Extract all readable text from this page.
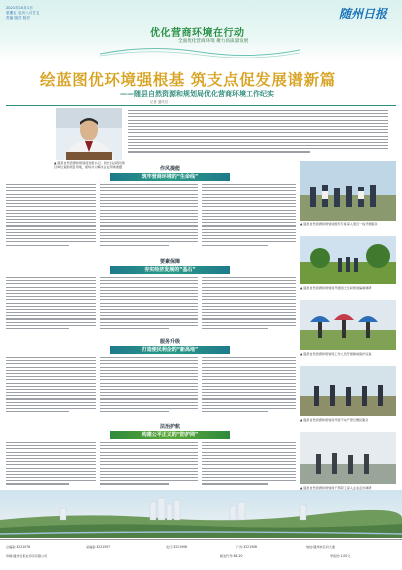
2021年10月1日
星期五 农历八月廿五
责编 版式 校对
优化营商环境在行动
全面优化营商环境 聚力高质量发展
随州日报
绘蓝图优环境强根基 筑支点促发展谱新篇
——随县自然资源和规划局优化营商环境工作纪实
记者 通讯员
▲ 随县自然资源和规划局党组书记、局长(右)陪同项目单位查勘项目用地，现场办公解决企业用地难题
▲ 随县自然资源和规划局组织专班深入项目一线开展服务
▲ 随县自然资源和规划局开展国土空间规划编制调研
▲ 随县自然资源和规划局工作人员开展耕地保护巡查
▲ 随县自然资源和规划局开展不动产登记便民服务
▲ 随县自然资源和规划局干部职工深入企业走访调研
作风提能
筑牢营商环境的“生命线”
要素保障
夯实经济发展的“基石”
服务升级
打造便民利企的“新高地”
法治护航
构建公平正义的“防护网”
总编室:3221076	采编室:3221597	发行:3221906	广告:3221908	地址:随州市沿河大道
印刷:随州日报社印务有限公司	邮发代号:38-20	零售价:1.00元
